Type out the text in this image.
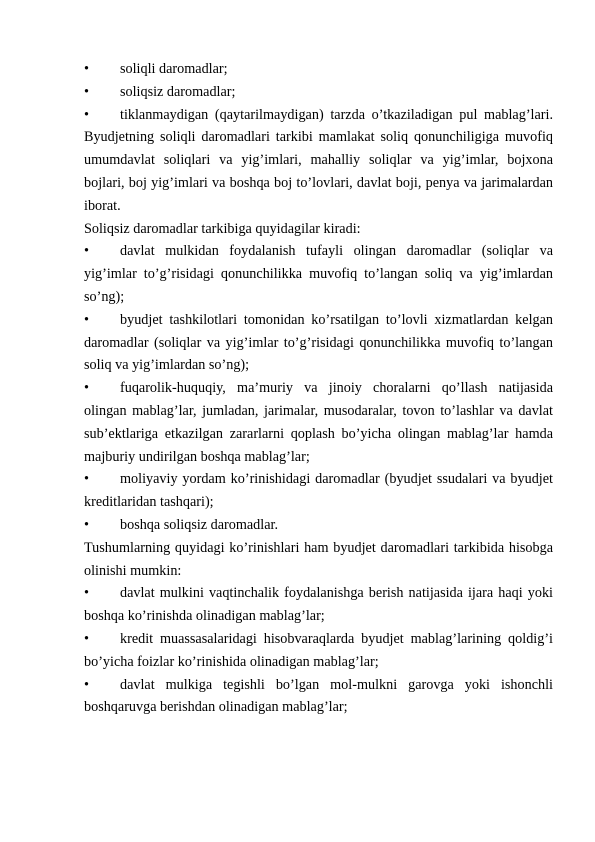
•	soliqli daromadlar;
•	soliqsiz daromadlar;
• tiklanmaydigan (qaytarilmaydigan) tarzda o’tkaziladigan pul mablag’lari. Byudjetning soliqli daromadlari tarkibi mamlakat soliq qonunchiligiga muvofiq umumdavlat soliqlari va yig’imlari, mahalliy soliqlar va yig’imlar, bojxona bojlari, boj yig’imlari va boshqa boj to’lovlari, davlat boji, penya va jarimalardan iborat.

Soliqsiz daromadlar tarkibiga quyidagilar kiradi:

• davlat mulkidan foydalanish tufayli olingan daromadlar (soliqlar va yig’imlar to’g’risidagi qonunchilikka muvofiq to’langan soliq va yig’imlardan so’ng);
• byudjet tashkilotlari tomonidan ko’rsatilgan to’lovli xizmatlardan kelgan daromadlar (soliqlar va yig’imlar to’g’risidagi qonunchilikka muvofiq to’langan soliq va yig’imlardan so’ng);
• fuqarolik-huquqiy, ma’muriy va jinoiy choralarni qo’llash natijasida olingan mablag’lar, jumladan, jarimalar, musodaralar, tovon to’lashlar va davlat sub’ektlariga etkazilgan zararlarni qoplash bo’yicha olingan mablag’lar hamda majburiy undirilgan boshqa mablag’lar;
• moliyaviy yordam ko’rinishidagi daromadlar (byudjet ssudalari va byudjet kreditlaridan tashqari);
•	boshqa soliqsiz daromadlar.

Tushumlarning quyidagi ko’rinishlari ham byudjet daromadlari tarkibida hisobga olinishi mumkin:

• davlat mulkini vaqtinchalik foydalanishga berish natijasida ijara haqi yoki boshqa ko’rinishda olinadigan mablag’lar;
• kredit muassasalaridagi hisobvaraqlarda byudjet mablag’larining qoldig’i bo’yicha foizlar ko’rinishida olinadigan mablag’lar;
• davlat mulkiga tegishli bo’lgan mol-mulkni garovga yoki ishonchli boshqaruvga berishdan olinadigan mablag’lar;
